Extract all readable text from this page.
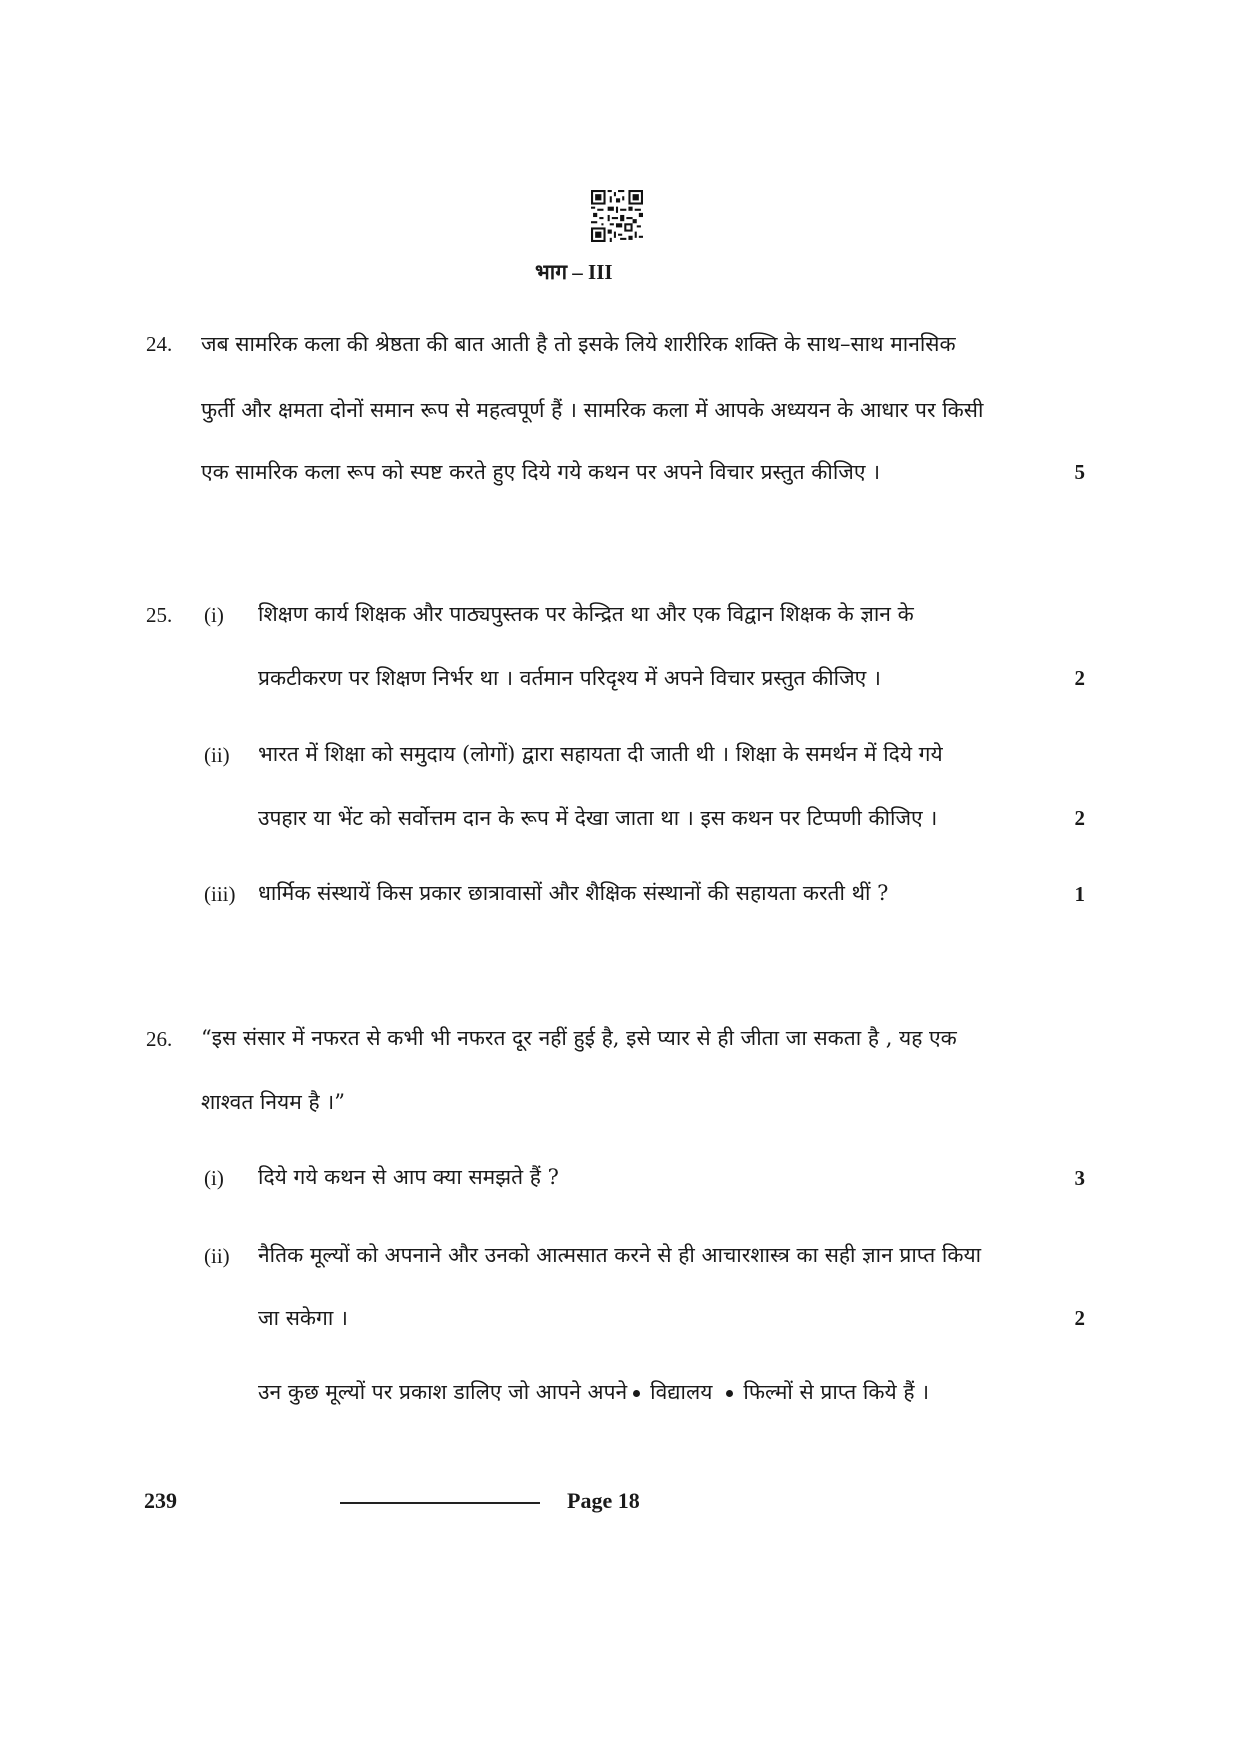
भाग – III
24. जब सामरिक कला की श्रेष्ठता की बात आती है तो इसके लिये शारीरिक शक्ति के साथ–साथ मानसिक
फुर्ती और क्षमता दोनों समान रूप से महत्वपूर्ण हैं । सामरिक कला में आपके अध्ययन के आधार पर किसी
एक सामरिक कला रूप को स्पष्ट करते हुए दिये गये कथन पर अपने विचार प्रस्तुत कीजिए ।	5
25. (i) शिक्षण कार्य शिक्षक और पाठ्यपुस्तक पर केन्द्रित था और एक विद्वान शिक्षक के ज्ञान के
प्रकटीकरण पर शिक्षण निर्भर था । वर्तमान परिदृश्य में अपने विचार प्रस्तुत कीजिए ।	2
(ii) भारत में शिक्षा को समुदाय (लोगों) द्वारा सहायता दी जाती थी । शिक्षा के समर्थन में दिये गये
उपहार या भेंट को सर्वोत्तम दान के रूप में देखा जाता था । इस कथन पर टिप्पणी कीजिए ।	2
(iii) धार्मिक संस्थायें किस प्रकार छात्रावासों और शैक्षिक संस्थानों की सहायता करती थीं ?	1
26. “इस संसार में नफरत से कभी भी नफरत दूर नहीं हुई है, इसे प्यार से ही जीता जा सकता है , यह एक
शाश्वत नियम है ।”
(i) दिये गये कथन से आप क्या समझते हैं ?	3
(ii) नैतिक मूल्यों को अपनाने और उनको आत्मसात करने से ही आचारशास्त्र का सही ज्ञान प्राप्त किया
जा सकेगा ।	2
उन कुछ मूल्यों पर प्रकाश डालिए जो आपने अपने विद्यालय फिल्मों से प्राप्त किये हैं ।
239	Page 18
